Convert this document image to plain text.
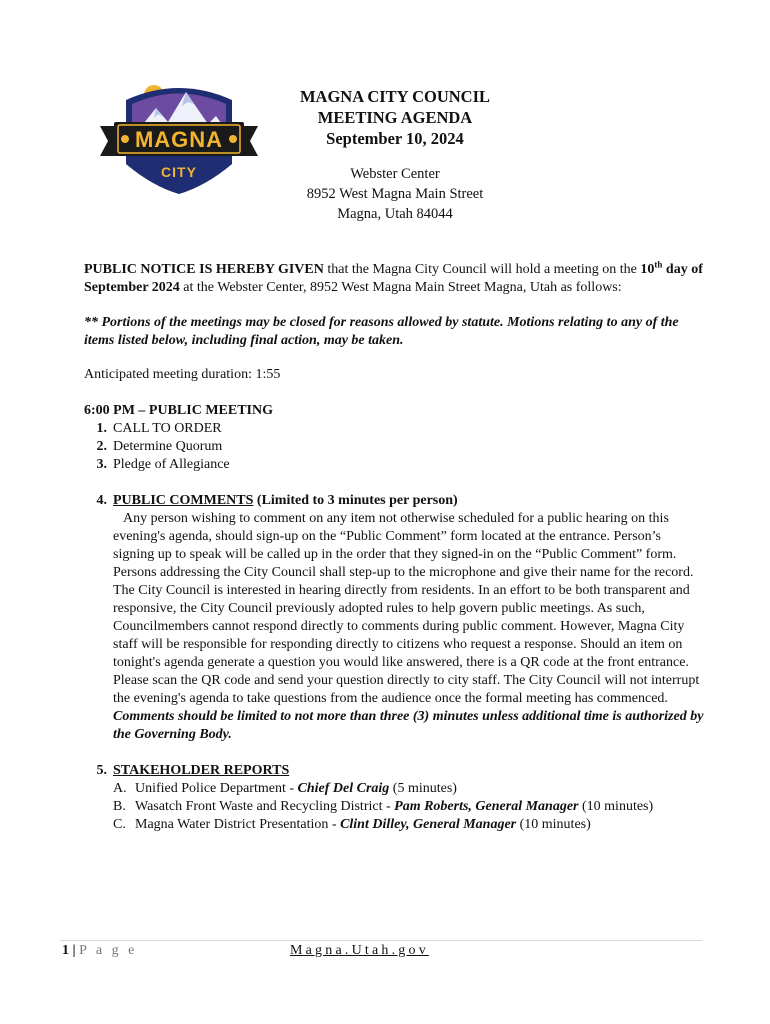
MAGNA
CITY
MAGNA CITY COUNCIL
MEETING AGENDA
September 10, 2024
Webster Center
8952 West Magna Main Street
Magna, Utah 84044

PUBLIC NOTICE IS HEREBY GIVEN that the Magna City Council will hold a meeting on the 10th day of September 2024 at the Webster Center, 8952 West Magna Main Street Magna, Utah as follows:

** Portions of the meetings may be closed for reasons allowed by statute. Motions relating to any of the items listed below, including final action, may be taken.

Anticipated meeting duration: 1:55

6:00 PM – PUBLIC MEETING

1. CALL TO ORDER
2. Determine Quorum
3. Pledge of Allegiance
4. PUBLIC COMMENTS (Limited to 3 minutes per person)
Any person wishing to comment on any item not otherwise scheduled for a public hearing on this evening's agenda, should sign-up on the “Public Comment” form located at the entrance. Person’s signing up to speak will be called up in the order that they signed-in on the “Public Comment” form. Persons addressing the City Council shall step-up to the microphone and give their name for the record. The City Council is interested in hearing directly from residents. In an effort to be both transparent and responsive, the City Council previously adopted rules to help govern public meetings. As such, Councilmembers cannot respond directly to comments during public comment. However, Magna City staff will be responsible for responding directly to citizens who request a response. Should an item on tonight's agenda generate a question you would like answered, there is a QR code at the front entrance. Please scan the QR code and send your question directly to city staff. The City Council will not interrupt the evening's agenda to take questions from the audience once the formal meeting has commenced. Comments should be limited to not more than three (3) minutes unless additional time is authorized by the Governing Body.
5. STAKEHOLDER REPORTS
A. Unified Police Department - Chief Del Craig (5 minutes)
B. Wasatch Front Waste and Recycling District - Pam Roberts, General Manager (10 minutes)
C. Magna Water District Presentation - Clint Dilley, General Manager (10 minutes)
1 | P a g e	Magna.Utah.gov
